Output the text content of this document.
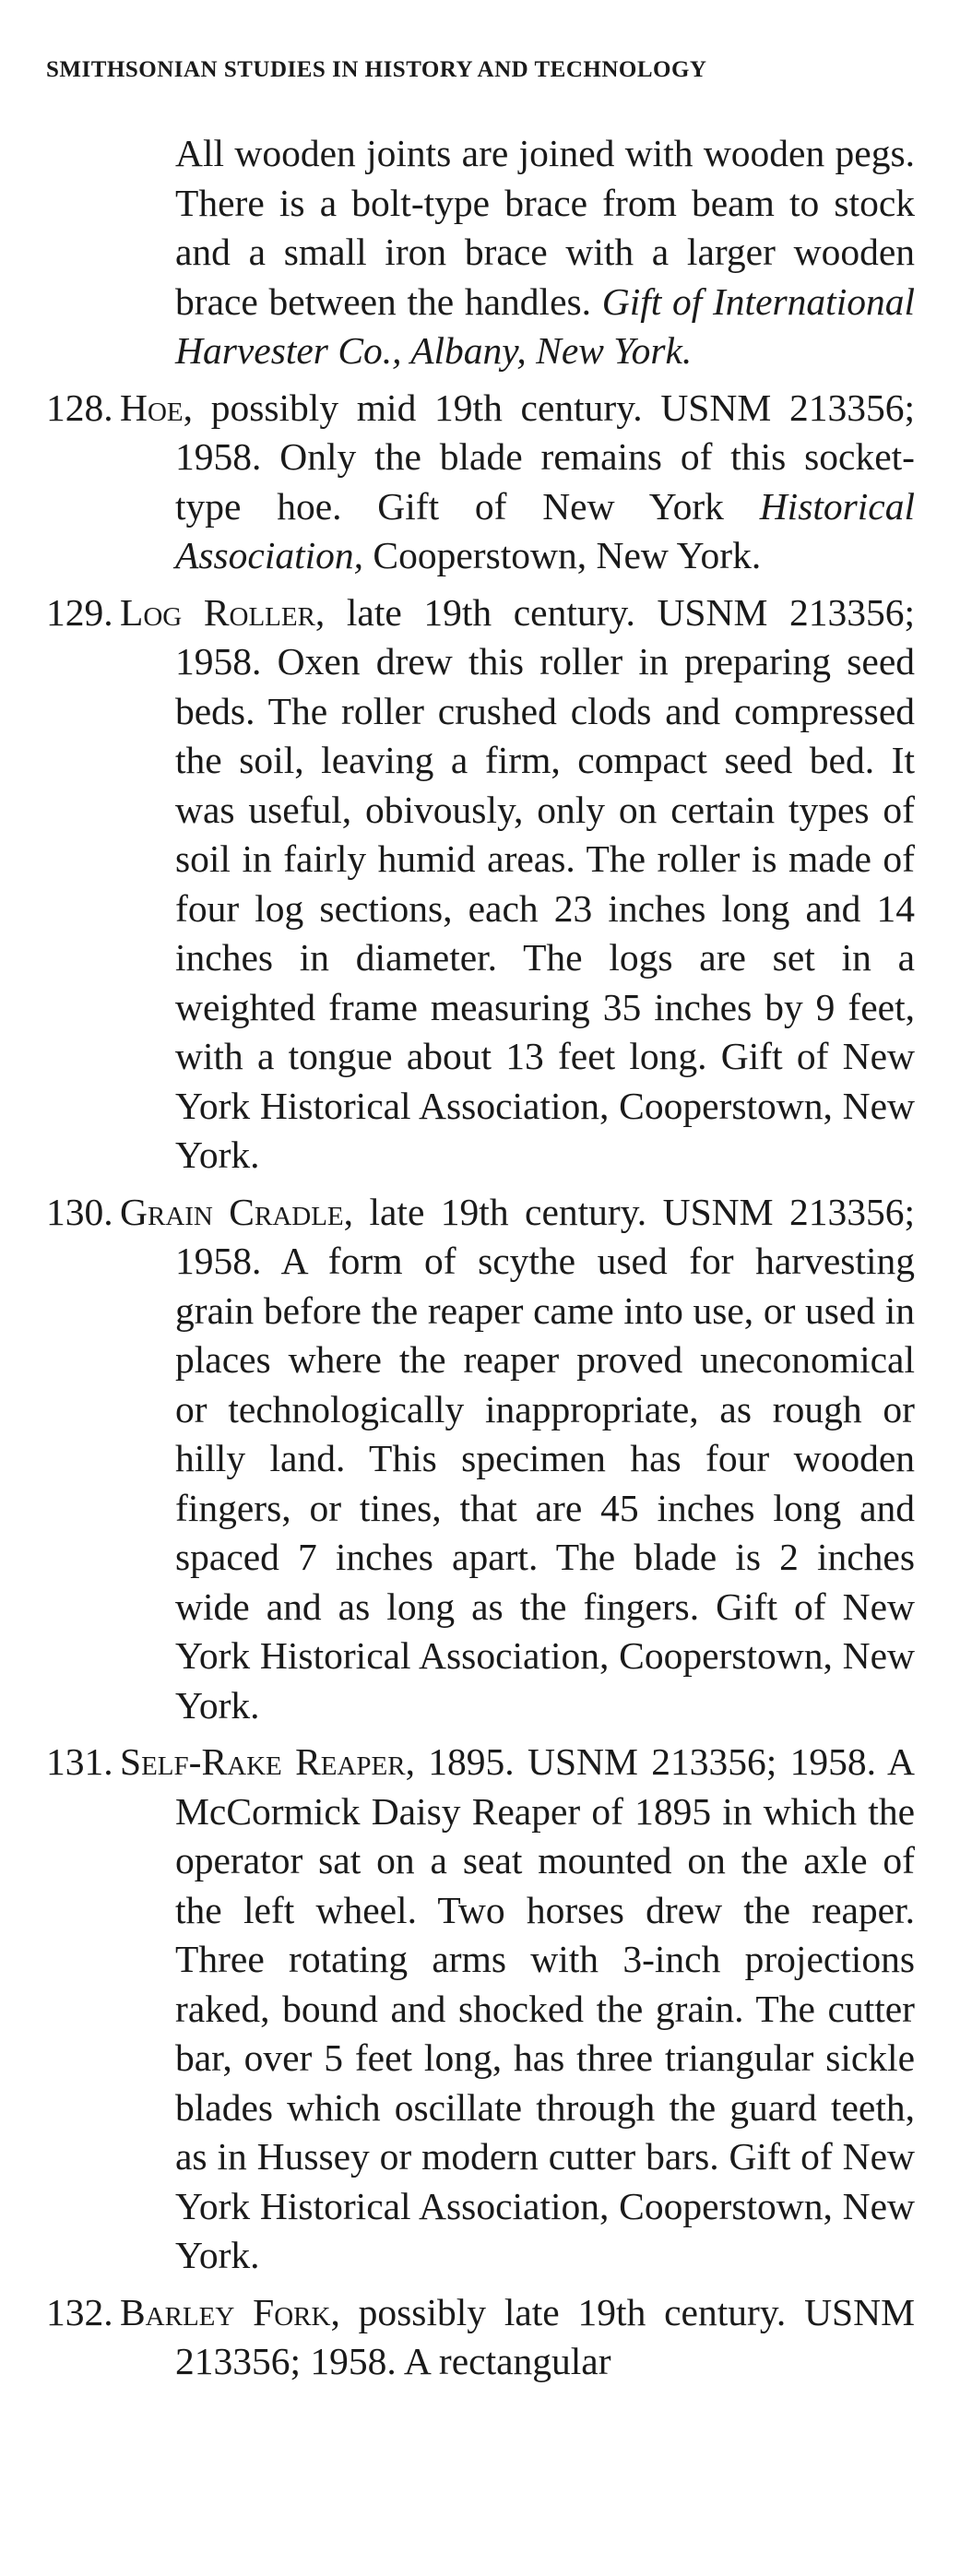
SMITHSONIAN STUDIES IN HISTORY AND TECHNOLOGY

All wooden joints are joined with wooden pegs. There is a bolt-type brace from beam to stock and a small iron brace with a larger wooden brace between the handles. Gift of International Harvester Co., Albany, New York.

128. Hoe, possibly mid 19th century. USNM 213356; 1958. Only the blade remains of this socket-type hoe. Gift of New York Historical Association, Cooperstown, New York.

129. Log Roller, late 19th century. USNM 213356; 1958. Oxen drew this roller in preparing seed beds. The roller crushed clods and compressed the soil, leaving a firm, compact seed bed. It was useful, obivously, only on certain types of soil in fairly humid areas. The roller is made of four log sections, each 23 inches long and 14 inches in diameter. The logs are set in a weighted frame measuring 35 inches by 9 feet, with a tongue about 13 feet long. Gift of New York Historical Association, Cooperstown, New York.

130. Grain Cradle, late 19th century. USNM 213356; 1958. A form of scythe used for harvesting grain before the reaper came into use, or used in places where the reaper proved uneconomical or technologically inappropriate, as rough or hilly land. This specimen has four wooden fingers, or tines, that are 45 inches long and spaced 7 inches apart. The blade is 2 inches wide and as long as the fingers. Gift of New York Historical Association, Cooperstown, New York.

131. Self-Rake Reaper, 1895. USNM 213356; 1958. A McCormick Daisy Reaper of 1895 in which the operator sat on a seat mounted on the axle of the left wheel. Two horses drew the reaper. Three rotating arms with 3-inch projections raked, bound and shocked the grain. The cutter bar, over 5 feet long, has three triangular sickle blades which oscillate through the guard teeth, as in Hussey or modern cutter bars. Gift of New York Historical Association, Cooperstown, New York.

132. Barley Fork, possibly late 19th century. USNM 213356; 1958. A rectangular
